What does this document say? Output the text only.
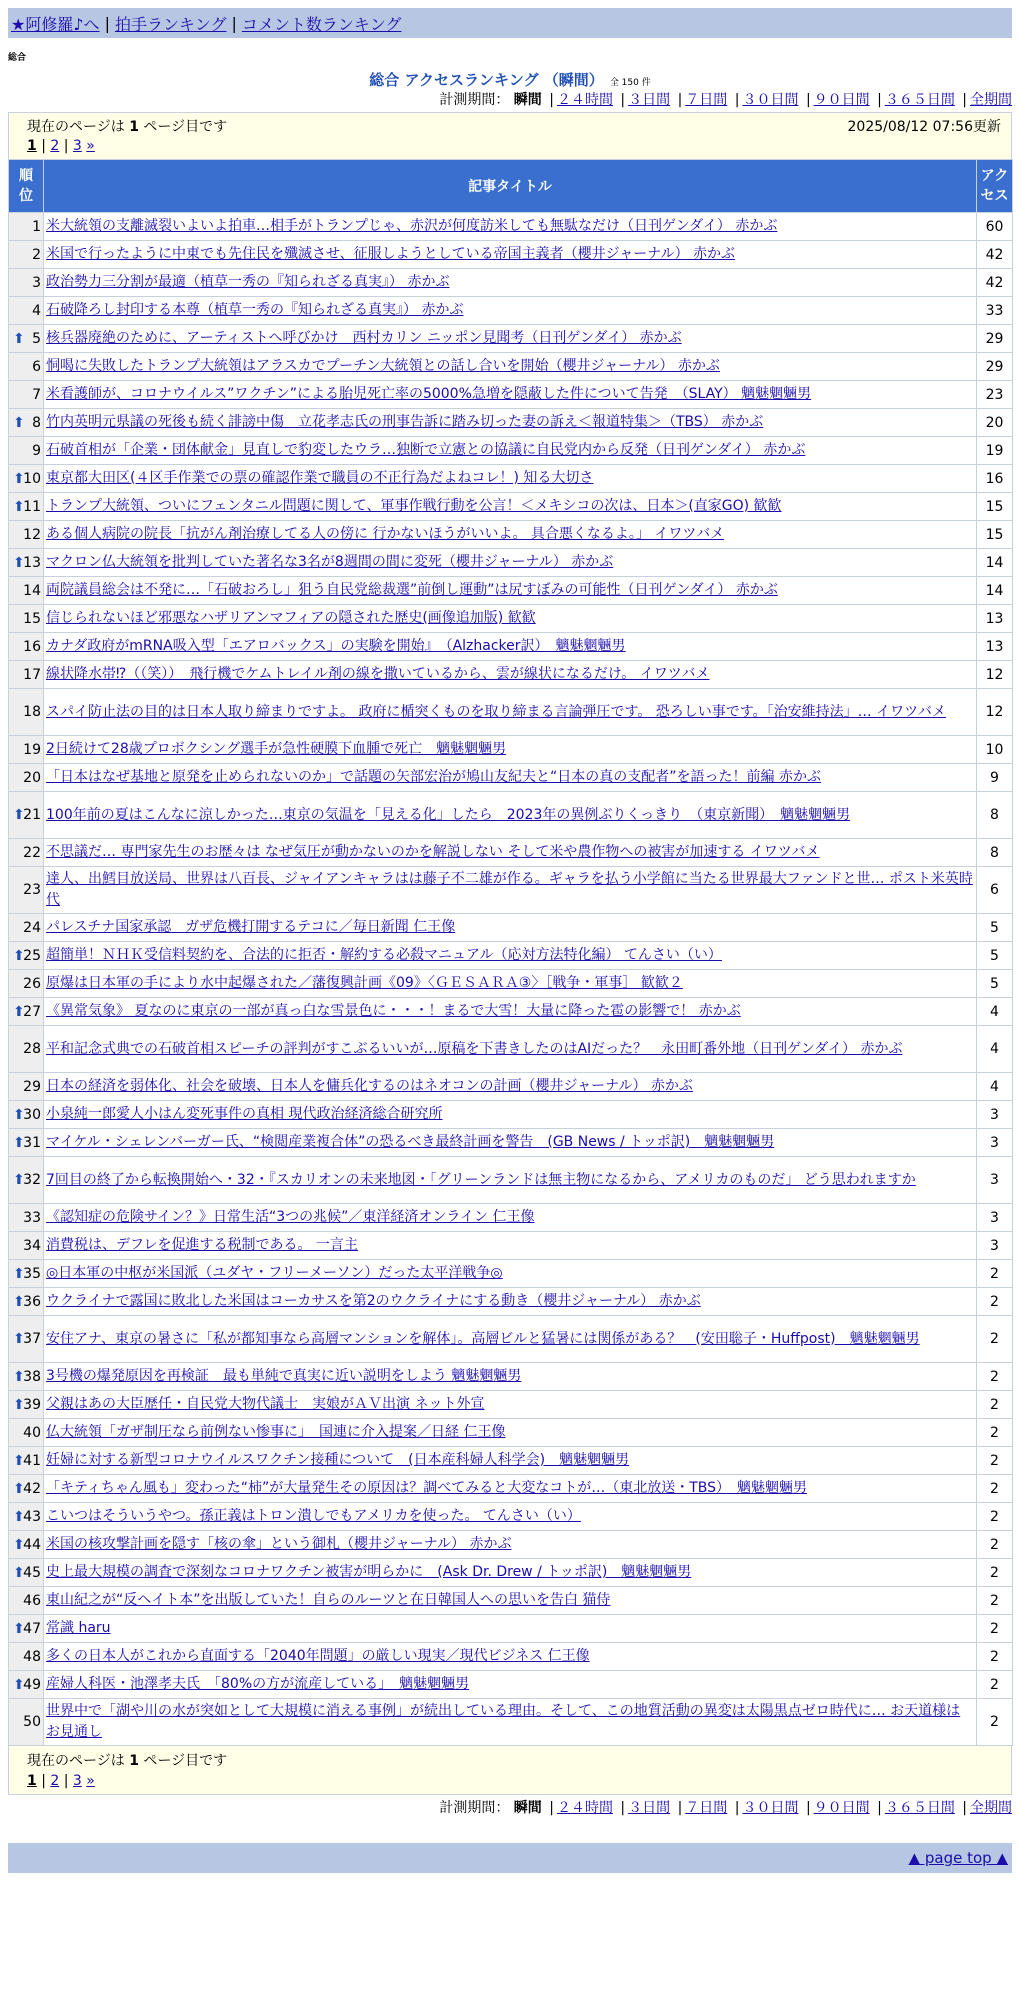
★阿修羅♪へ | 拍手ランキング | コメント数ランキング
総合
総合 アクセスランキング （瞬間） 全 150 件
計測期間： 瞬間 | ２４時間 | ３日間 | ７日間 | ３０日間 | ９０日間 | ３６５日間 | 全期間
現在のページは 1 ページ目です	2025/08/12 07:56更新
1 | 2 | 3 »
順位	記事タイトル	アクセス
1	米大統領の支離滅裂いよいよ拍車…相手がトランプじゃ、赤沢が何度訪米しても無駄なだけ（日刊ゲンダイ） 赤かぶ	60
2	米国で行ったように中東でも先住民を殲滅させ、征服しようとしている帝国主義者（櫻井ジャーナル） 赤かぶ	42
3	政治勢力三分割が最適（植草一秀の『知られざる真実』） 赤かぶ	42
4	石破降ろし封印する本尊（植草一秀の『知られざる真実』） 赤かぶ	33

⬆ 5	核兵器廃絶のために、アーティストへ呼びかけ　西村カリン ニッポン見聞考（日刊ゲンダイ） 赤かぶ	29
6	恫喝に失敗したトランプ大統領はアラスカでプーチン大統領との話し合いを開始（櫻井ジャーナル） 赤かぶ	29
7	米看護師が、コロナウイルス”ワクチン”による胎児死亡率の5000%急増を隠蔽した件について告発　（SLAY） 魑魅魍魎男	23

⬆ 8	竹内英明元県議の死後も続く誹謗中傷　立花孝志氏の刑事告訴に踏み切った妻の訴え＜報道特集＞（TBS） 赤かぶ	20
9	石破首相が「企業・団体献金」見直しで豹変したウラ…独断で立憲との協議に自民党内から反発（日刊ゲンダイ） 赤かぶ	19

⬆
10	東京都大田区(４区手作業での票の確認作業で職員の不正行為だよねコレ！) 知る大切さ	16

⬆
11	トランプ大統領、ついにフェンタニル問題に関して、軍事作戦行動を公言！＜メキシコの次は、日本＞(直家GO) 歓歓	15
12	ある個人病院の院長「抗がん剤治療してる人の傍に 行かないほうがいいよ。 具合悪くなるよ。」 イワツバメ	15

⬆
13	マクロン仏大統領を批判していた著名な3名が8週間の間に変死（櫻井ジャーナル） 赤かぶ	14
14	両院議員総会は不発に…「石破おろし」狙う自民党総裁選”前倒し運動”は尻すぼみの可能性（日刊ゲンダイ） 赤かぶ	14
15	信じられないほど邪悪なハザリアンマフィアの隠された歴史(画像追加版) 歓歓	13
16	カナダ政府がmRNA吸入型「エアロバックス」の実験を開始』　（Alzhacker訳）　魑魅魍魎男	13
17	線状降水帯⁉（（笑））　飛行機でケムトレイル剤の線を撒いているから、雲が線状になるだけ。 イワツバメ	12
18	スパイ防止法の目的は日本人取り締まりですよ。 政府に楯突くものを取り締まる言論弾圧です。 恐ろしい事です。「治安維持法」… イワツバメ	12
19	2日続けて28歳プロボクシング選手が急性硬膜下血腫で死亡　魑魅魍魎男	10
20	「日本はなぜ基地と原発を止められないのか」で話題の矢部宏治が鳩山友紀夫と“日本の真の支配者”を語った！前編 赤かぶ	9

⬆
21	100年前の夏はこんなに涼しかった…東京の気温を「見える化」したら　2023年の異例ぶりくっきり　（東京新聞）　魑魅魍魎男	8
22	不思議だ… 専門家先生のお歴々は なぜ気圧が動かないのかを解説しない そして米や農作物への被害が加速する イワツバメ	8
23	達人、出鱈目放送局、世界は八百長、ジャイアンキャラはは藤子不二雄が作る。ギャラを払う小学館に当たる世界最大ファンドと世… ポスト米英時代	6
24	パレスチナ国家承認　ガザ危機打開するテコに／毎日新聞 仁王像	5

⬆
25	超簡単！ＮＨＫ受信料契約を、合法的に拒否・解約する必殺マニュアル（応対方法特化編） てんさい（い）	5
26	原爆は日本軍の手により水中起爆された／藩復興計画《09》〈ＧＥＳＡＲＡ③〉［戦争・軍事］ 歓歓２	5

⬆
27	《異常気象》 夏なのに東京の一部が真っ白な雪景色に・・・！まるで大雪！大量に降った雹の影響で！ 赤かぶ	4
28	平和記念式典での石破首相スピーチの評判がすこぶるいいが…原稿を下書きしたのはAIだった？　永田町番外地（日刊ゲンダイ） 赤かぶ	4
29	日本の経済を弱体化、社会を破壊、日本人を傭兵化するのはネオコンの計画（櫻井ジャーナル） 赤かぶ	4

⬆
30	小泉純一郎愛人小はん変死事件の真相 現代政治経済総合研究所	3

⬆
31	マイケル・シェレンバーガー氏、“検閲産業複合体”の恐るべき最終計画を警告　(GB News / トッポ訳)　魑魅魍魎男	3

⬆
32	7回目の終了から転換開始へ・32・『スカリオンの未来地図・「グリーンランドは無主物になるから、アメリカのものだ」 どう思われますか	3
33	《認知症の危険サイン？》日常生活“3つの兆候”／東洋経済オンライン 仁王像	3
34	消費税は、デフレを促進する税制である。 一言主	3

⬆
35	◎日本軍の中枢が米国派（ユダヤ・フリーメーソン）だった太平洋戦争◎	2

⬆
36	ウクライナで露国に敗北した米国はコーカサスを第2のウクライナにする動き（櫻井ジャーナル） 赤かぶ	2

⬆
37	安住アナ、東京の暑さに「私が都知事なら高層マンションを解体」。高層ビルと猛暑には関係がある？　(安田聡子・Huffpost)　魑魅魍魎男	2

⬆
38	3号機の爆発原因を再検証　最も単純で真実に近い説明をしよう 魑魅魍魎男	2

⬆
39	父親はあの大臣歴任・自民党大物代議士　実娘がＡＶ出演 ネット外宣	2
40	仏大統領「ガザ制圧なら前例ない惨事に」　国連に介入提案／日経 仁王像	2

⬆
41	妊婦に対する新型コロナウイルスワクチン接種について　(日本産科婦人科学会)　魑魅魍魎男	2

⬆
42	「キティちゃん風も」変わった“柿”が大量発生その原因は？調べてみると大変なコトが…（東北放送・TBS）　魑魅魍魎男	2

⬆
43	こいつはそういうやつ。孫正義はトロン潰しでもアメリカを使った。 てんさい（い）	2

⬆
44	米国の核攻撃計画を隠す「核の傘」という御札（櫻井ジャーナル） 赤かぶ	2

⬆
45	史上最大規模の調査で深刻なコロナワクチン被害が明らかに　(Ask Dr. Drew / トッポ訳)　魑魅魍魎男	2
46	東山紀之が“反ヘイト本”を出版していた！自らのルーツと在日韓国人への思いを告白 猫侍	2

⬆
47	常識 haru	2
48	多くの日本人がこれから直面する「2040年問題」の厳しい現実／現代ビジネス 仁王像	2

⬆
49	産婦人科医・池澤孝夫氏　「80%の方が流産している」　魑魅魍魎男	2
50	世界中で「湖や川の水が突如として大規模に消える事例」が続出している理由。そして、この地質活動の異変は太陽黒点ゼロ時代に… お天道様はお見通し	2
現在のページは 1 ページ目です
1 | 2 | 3 »
計測期間： 瞬間 | ２４時間 | ３日間 | ７日間 | ３０日間 | ９０日間 | ３６５日間 | 全期間
▲ page top ▲
